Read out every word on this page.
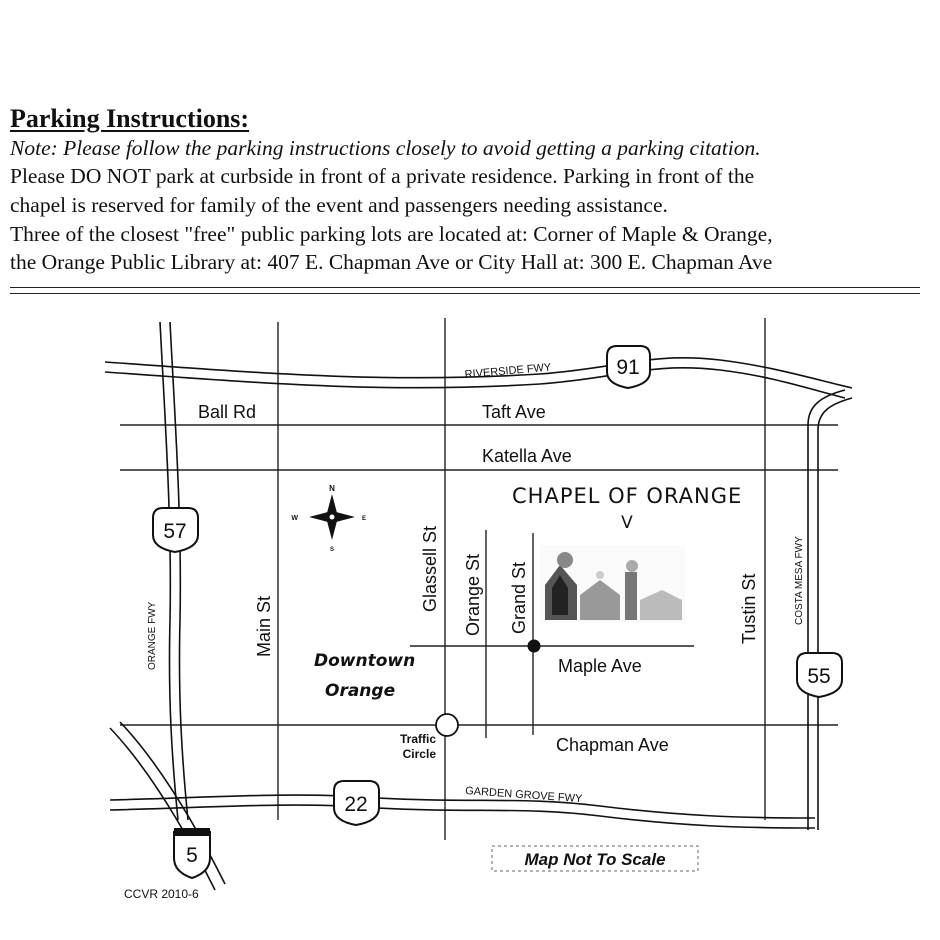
Parking Instructions:
Note: Please follow the parking instructions closely to avoid getting a parking citation.
Please DO NOT park at curbside in front of a private residence. Parking in front of the
chapel is reserved for family of the event and passengers needing assistance.
Three of the closest "free" public parking lots are located at: Corner of Maple & Orange,
the Orange Public Library at: 407 E. Chapman Ave or City Hall at: 300 E. Chapman Ave
RIVERSIDE FWY
GARDEN GROVE FWY
ORANGE FWY
COSTA MESA FWY
91
57
55
22
5
Ball Rd	Taft Ave
Katella Ave
Glassell St Orange St Grand St	Tustin St
Main St
Maple Ave
Chapman Ave
N
S
E
W
CHAPEL OF ORANGE
V
Downtown
Orange
Traffic
Circle
Map Not To Scale
CCVR 2010-6
